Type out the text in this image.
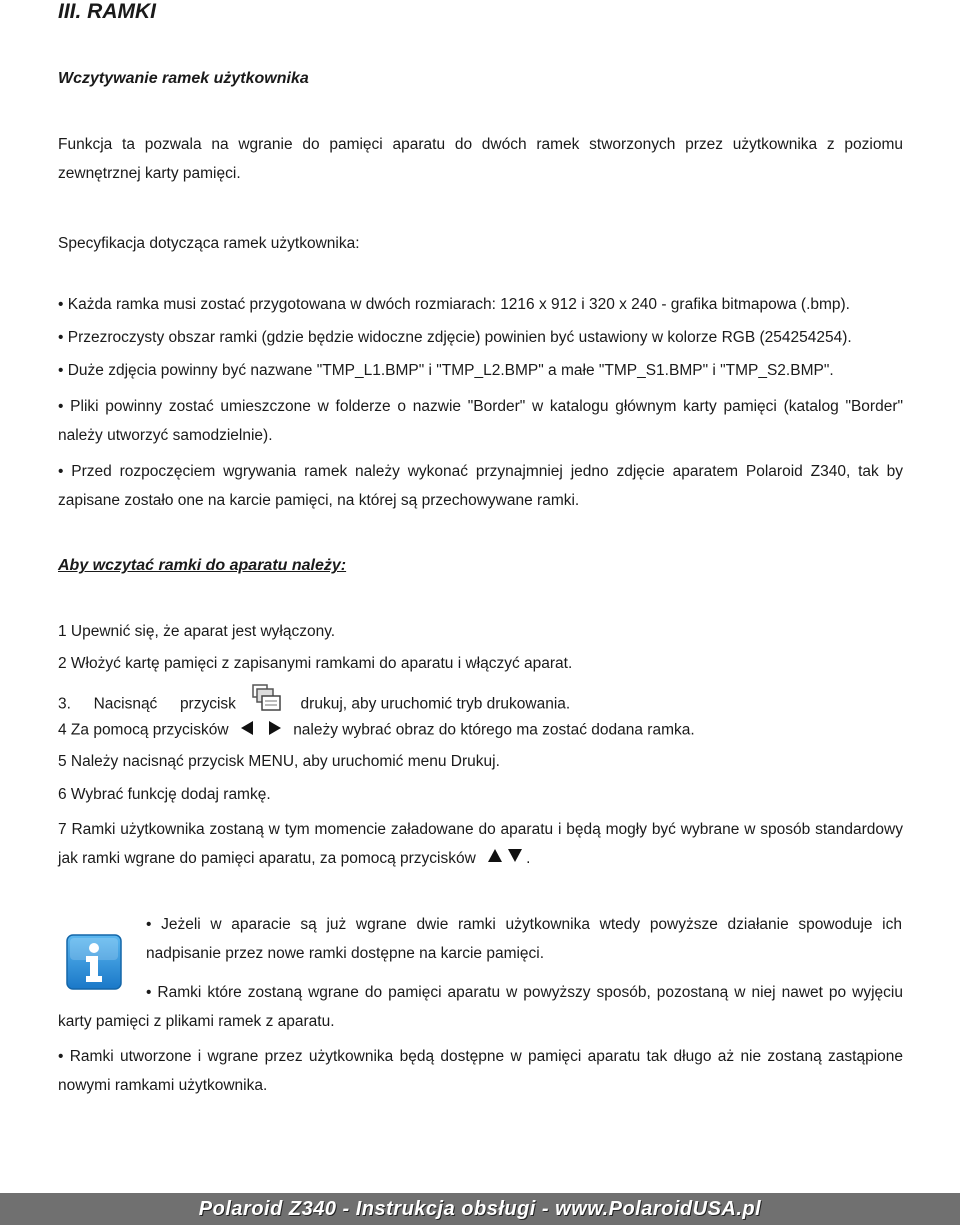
III. RAMKI
Wczytywanie ramek użytkownika
Funkcja ta pozwala na wgranie do pamięci aparatu do dwóch ramek stworzonych przez użytkownika z poziomu zewnętrznej karty pamięci.
Specyfikacja dotycząca ramek użytkownika:
• Każda ramka musi zostać przygotowana w dwóch rozmiarach: 1216 x 912 i 320 x 240 - grafika bitmapowa (.bmp).
• Przezroczysty obszar ramki (gdzie będzie widoczne zdjęcie) powinien być ustawiony w kolorze RGB (254254254).
• Duże zdjęcia powinny być nazwane "TMP_L1.BMP" i "TMP_L2.BMP" a małe "TMP_S1.BMP" i "TMP_S2.BMP".
• Pliki powinny zostać umieszczone w folderze o nazwie "Border" w katalogu głównym karty pamięci (katalog "Border" należy utworzyć samodzielnie).
• Przed rozpoczęciem wgrywania ramek należy wykonać przynajmniej jedno zdjęcie aparatem Polaroid Z340, tak by zapisane zostało one na karcie pamięci, na której są przechowywane ramki.
Aby wczytać ramki do aparatu należy:
1 Upewnić się, że aparat jest wyłączony.
2 Włożyć kartę pamięci z zapisanymi ramkami do aparatu i włączyć aparat.
3. Nacisnąć przycisk	drukuj, aby uruchomić tryb drukowania.
4 Za pomocą przycisków	należy wybrać obraz do którego ma zostać dodana ramka.
5 Należy nacisnąć przycisk MENU, aby uruchomić menu Drukuj.
6 Wybrać funkcję dodaj ramkę.
7 Ramki użytkownika zostaną w tym momencie załadowane do aparatu i będą mogły być wybrane w sposób standardowy jak ramki wgrane do pamięci aparatu, za pomocą przycisków	.
• Jeżeli w aparacie są już wgrane dwie ramki użytkownika wtedy powyższe działanie spowoduje ich nadpisanie przez nowe ramki dostępne na karcie pamięci.
• Ramki które zostaną wgrane do pamięci aparatu w powyższy sposób, pozostaną w niej nawet po wyjęciu karty pamięci z plikami ramek z aparatu.
• Ramki utworzone i wgrane przez użytkownika będą dostępne w pamięci aparatu tak długo aż nie zostaną zastąpione nowymi ramkami użytkownika.
Polaroid Z340 - Instrukcja obsługi - www.PolaroidUSA.pl
